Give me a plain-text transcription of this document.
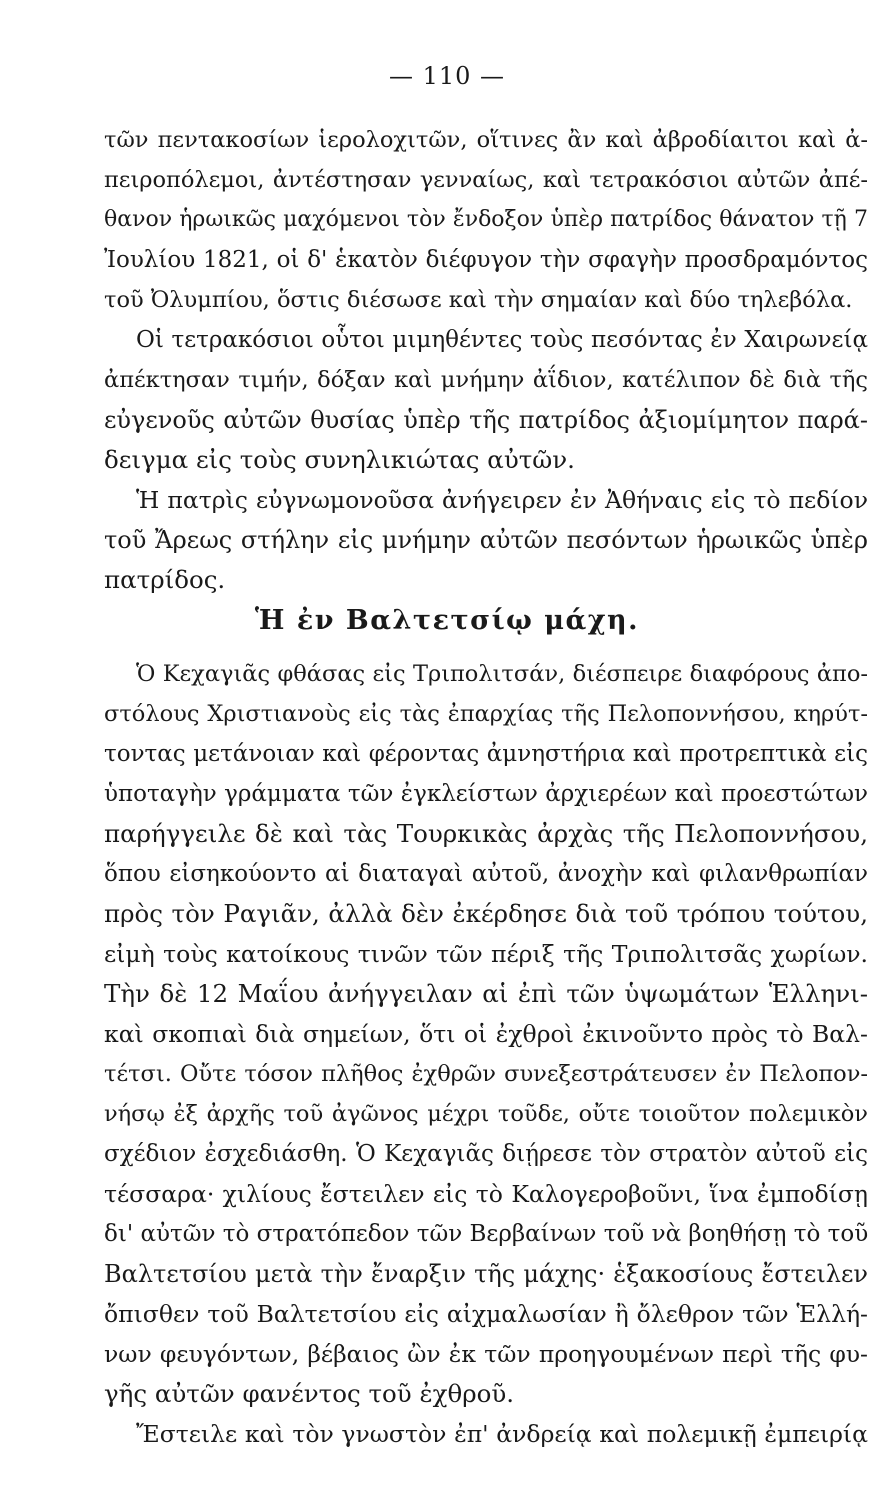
— 110 —
τῶν πεντακοσίων ἱερολοχιτῶν, οἵτινες ἂν καὶ ἀβροδίαιτοι καὶ ἀ-
πειροπόλεμοι, ἀντέστησαν γενναίως, καὶ τετρακόσιοι αὐτῶν ἀπέ-
θανον ἡρωικῶς μαχόμενοι τὸν ἔνδοξον ὑπὲρ πατρίδος θάνατον τῇ 7
Ἰουλίου 1821, οἱ δ' ἑκατὸν διέφυγον τὴν σφαγὴν προσδραμόντος
τοῦ Ὀλυμπίου, ὅστις διέσωσε καὶ τὴν σημαίαν καὶ δύο τηλεβόλα.
Οἱ τετρακόσιοι οὗτοι μιμηθέντες τοὺς πεσόντας ἐν Χαιρωνείᾳ
ἀπέκτησαν τιμήν, δόξαν καὶ μνήμην ἀΐδιον, κατέλιπον δὲ διὰ τῆς
εὐγενοῦς αὐτῶν θυσίας ὑπὲρ τῆς πατρίδος ἀξιομίμητον παρά-
δειγμα εἰς τοὺς συνηλικιώτας αὐτῶν.
Ἡ πατρὶς εὐγνωμονοῦσα ἀνήγειρεν ἐν Ἀθήναις εἰς τὸ πεδίον
τοῦ Ἄρεως στήλην εἰς μνήμην αὐτῶν πεσόντων ἡρωικῶς ὑπὲρ
πατρίδος.
Ἡ ἐν Βαλτετσίῳ μάχη.
Ὁ Κεχαγιᾶς φθάσας εἰς Τριπολιτσάν, διέσπειρε διαφόρους ἀπο-
στόλους Χριστιανοὺς εἰς τὰς ἐπαρχίας τῆς Πελοποννήσου, κηρύτ-
τοντας μετάνοιαν καὶ φέροντας ἀμνηστήρια καὶ προτρεπτικὰ εἰς
ὑποταγὴν γράμματα τῶν ἐγκλείστων ἀρχιερέων καὶ προεστώτων
παρήγγειλε δὲ καὶ τὰς Τουρκικὰς ἀρχὰς τῆς Πελοποννήσου,
ὅπου εἰσηκούοντο αἱ διαταγαὶ αὐτοῦ, ἀνοχὴν καὶ φιλανθρωπίαν
πρὸς τὸν Ραγιᾶν, ἀλλὰ δὲν ἐκέρδησε διὰ τοῦ τρόπου τούτου,
εἰμὴ τοὺς κατοίκους τινῶν τῶν πέριξ τῆς Τριπολιτσᾶς χωρίων.
Τὴν δὲ 12 Μαΐου ἀνήγγειλαν αἱ ἐπὶ τῶν ὑψωμάτων Ἑλληνι-
καὶ σκοπιαὶ διὰ σημείων, ὅτι οἱ ἐχθροὶ ἐκινοῦντο πρὸς τὸ Βαλ-
τέτσι. Οὔτε τόσον πλῆθος ἐχθρῶν συνεξεστράτευσεν ἐν Πελοπον-
νήσῳ ἐξ ἀρχῆς τοῦ ἀγῶνος μέχρι τοῦδε, οὔτε τοιοῦτον πολεμικὸν
σχέδιον ἐσχεδιάσθη. Ὁ Κεχαγιᾶς διῄρεσε τὸν στρατὸν αὐτοῦ εἰς
τέσσαρα· χιλίους ἔστειλεν εἰς τὸ Καλογεροβοῦνι, ἵνα ἐμποδίσῃ
δι' αὐτῶν τὸ στρατόπεδον τῶν Βερβαίνων τοῦ νὰ βοηθήσῃ τὸ τοῦ
Βαλτετσίου μετὰ τὴν ἔναρξιν τῆς μάχης· ἑξακοσίους ἔστειλεν
ὄπισθεν τοῦ Βαλτετσίου εἰς αἰχμαλωσίαν ἢ ὄλεθρον τῶν Ἑλλή-
νων φευγόντων, βέβαιος ὢν ἐκ τῶν προηγουμένων περὶ τῆς φυ-
γῆς αὐτῶν φανέντος τοῦ ἐχθροῦ.
Ἔστειλε καὶ τὸν γνωστὸν ἐπ' ἀνδρείᾳ καὶ πολεμικῇ ἐμπειρίᾳ
